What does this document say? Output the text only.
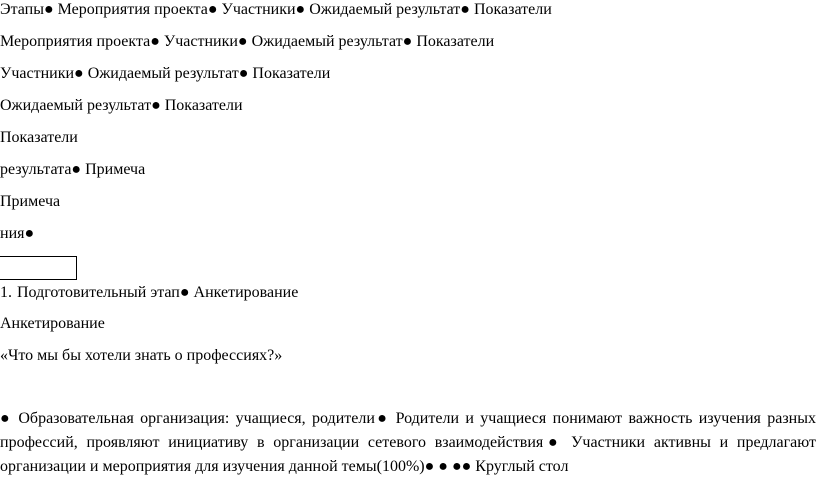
Этапы● Мероприятия проекта● Участники● Ожидаемый результат● Показатели
Мероприятия проекта● Участники● Ожидаемый результат● Показатели
Участники● Ожидаемый результат● Показатели
Ожидаемый результат● Показатели
Показатели
результата● Примеча
Примеча
ния●
1. Подготовительный этап● Анкетирование
Анкетирование
«Что мы бы хотели знать о профессиях?»
● Образовательная организация: учащиеся, родители● Родители и учащиеся понимают важность изучения разных профессий, проявляют инициативу в организации сетевого взаимодействия● Участники активны и предлагают организации и мероприятия для изучения данной темы(100%)● ● ●● Круглый стол
